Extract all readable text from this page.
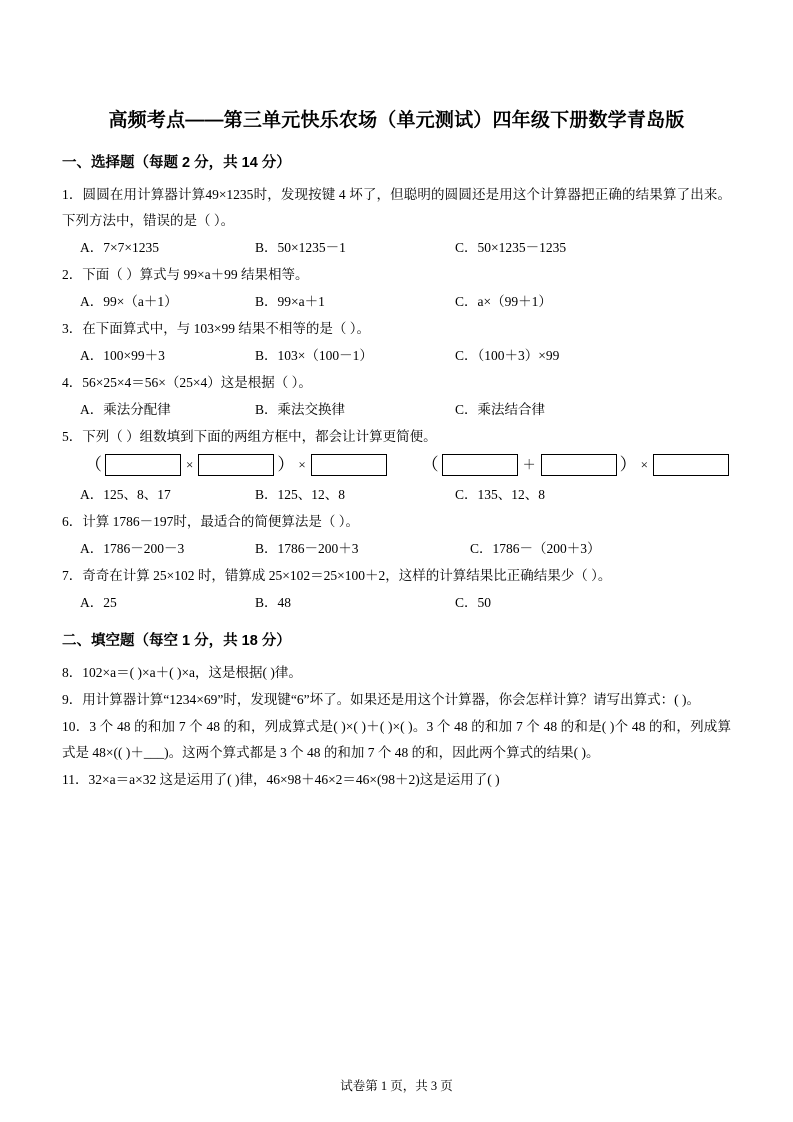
高频考点——第三单元快乐农场（单元测试）四年级下册数学青岛版
一、选择题（每题 2 分，共 14 分）
1．圆圆在用计算器计算49×1235时，发现按键 4 坏了，但聪明的圆圆还是用这个计算器把正确的结果算了出来。下列方法中，错误的是（ ）。
A．7×7×1235	B．50×1235－1	C．50×1235－1235
2．下面（ ）算式与 99×a＋99 结果相等。
A．99×（a＋1）	B．99×a＋1	C．a×（99＋1）
3．在下面算式中，与 103×99 结果不相等的是（ ）。
A．100×99＋3	B．103×（100－1）	C．（100＋3）×99
4．56×25×4＝56×（25×4）这是根据（ ）。
A．乘法分配律	B．乘法交换律	C．乘法结合律
5．下列（ ）组数填到下面的两组方框中，都会让计算更简便。
（	×	） ×	（	＋	） ×
A．125、8、17	B．125、12、8	C．135、12、8
6．计算 1786－197时，最适合的简便算法是（ ）。
A．1786－200－3	B．1786－200＋3	C．1786－（200＋3）
7．奇奇在计算 25×102 时，错算成 25×102＝25×100＋2，这样的计算结果比正确结果少（ ）。
A．25	B．48	C．50
二、填空题（每空 1 分，共 18 分）
8．102×a＝( )×a＋( )×a，这是根据( )律。
9．用计算器计算“1234×69”时，发现键“6”坏了。如果还是用这个计算器，你会怎样计算？请写出算式：( )。
10．3 个 48 的和加 7 个 48 的和，列成算式是( )×( )＋( )×( )。3 个 48 的和加 7 个 48 的和是( )个 48 的和，列成算式是 48×(( )＋___)。这两个算式都是 3 个 48 的和加 7 个 48 的和，因此两个算式的结果( )。
11．32×a＝a×32 这是运用了( )律，46×98＋46×2＝46×(98＋2)这是运用了( )
试卷第 1 页，共 3 页
